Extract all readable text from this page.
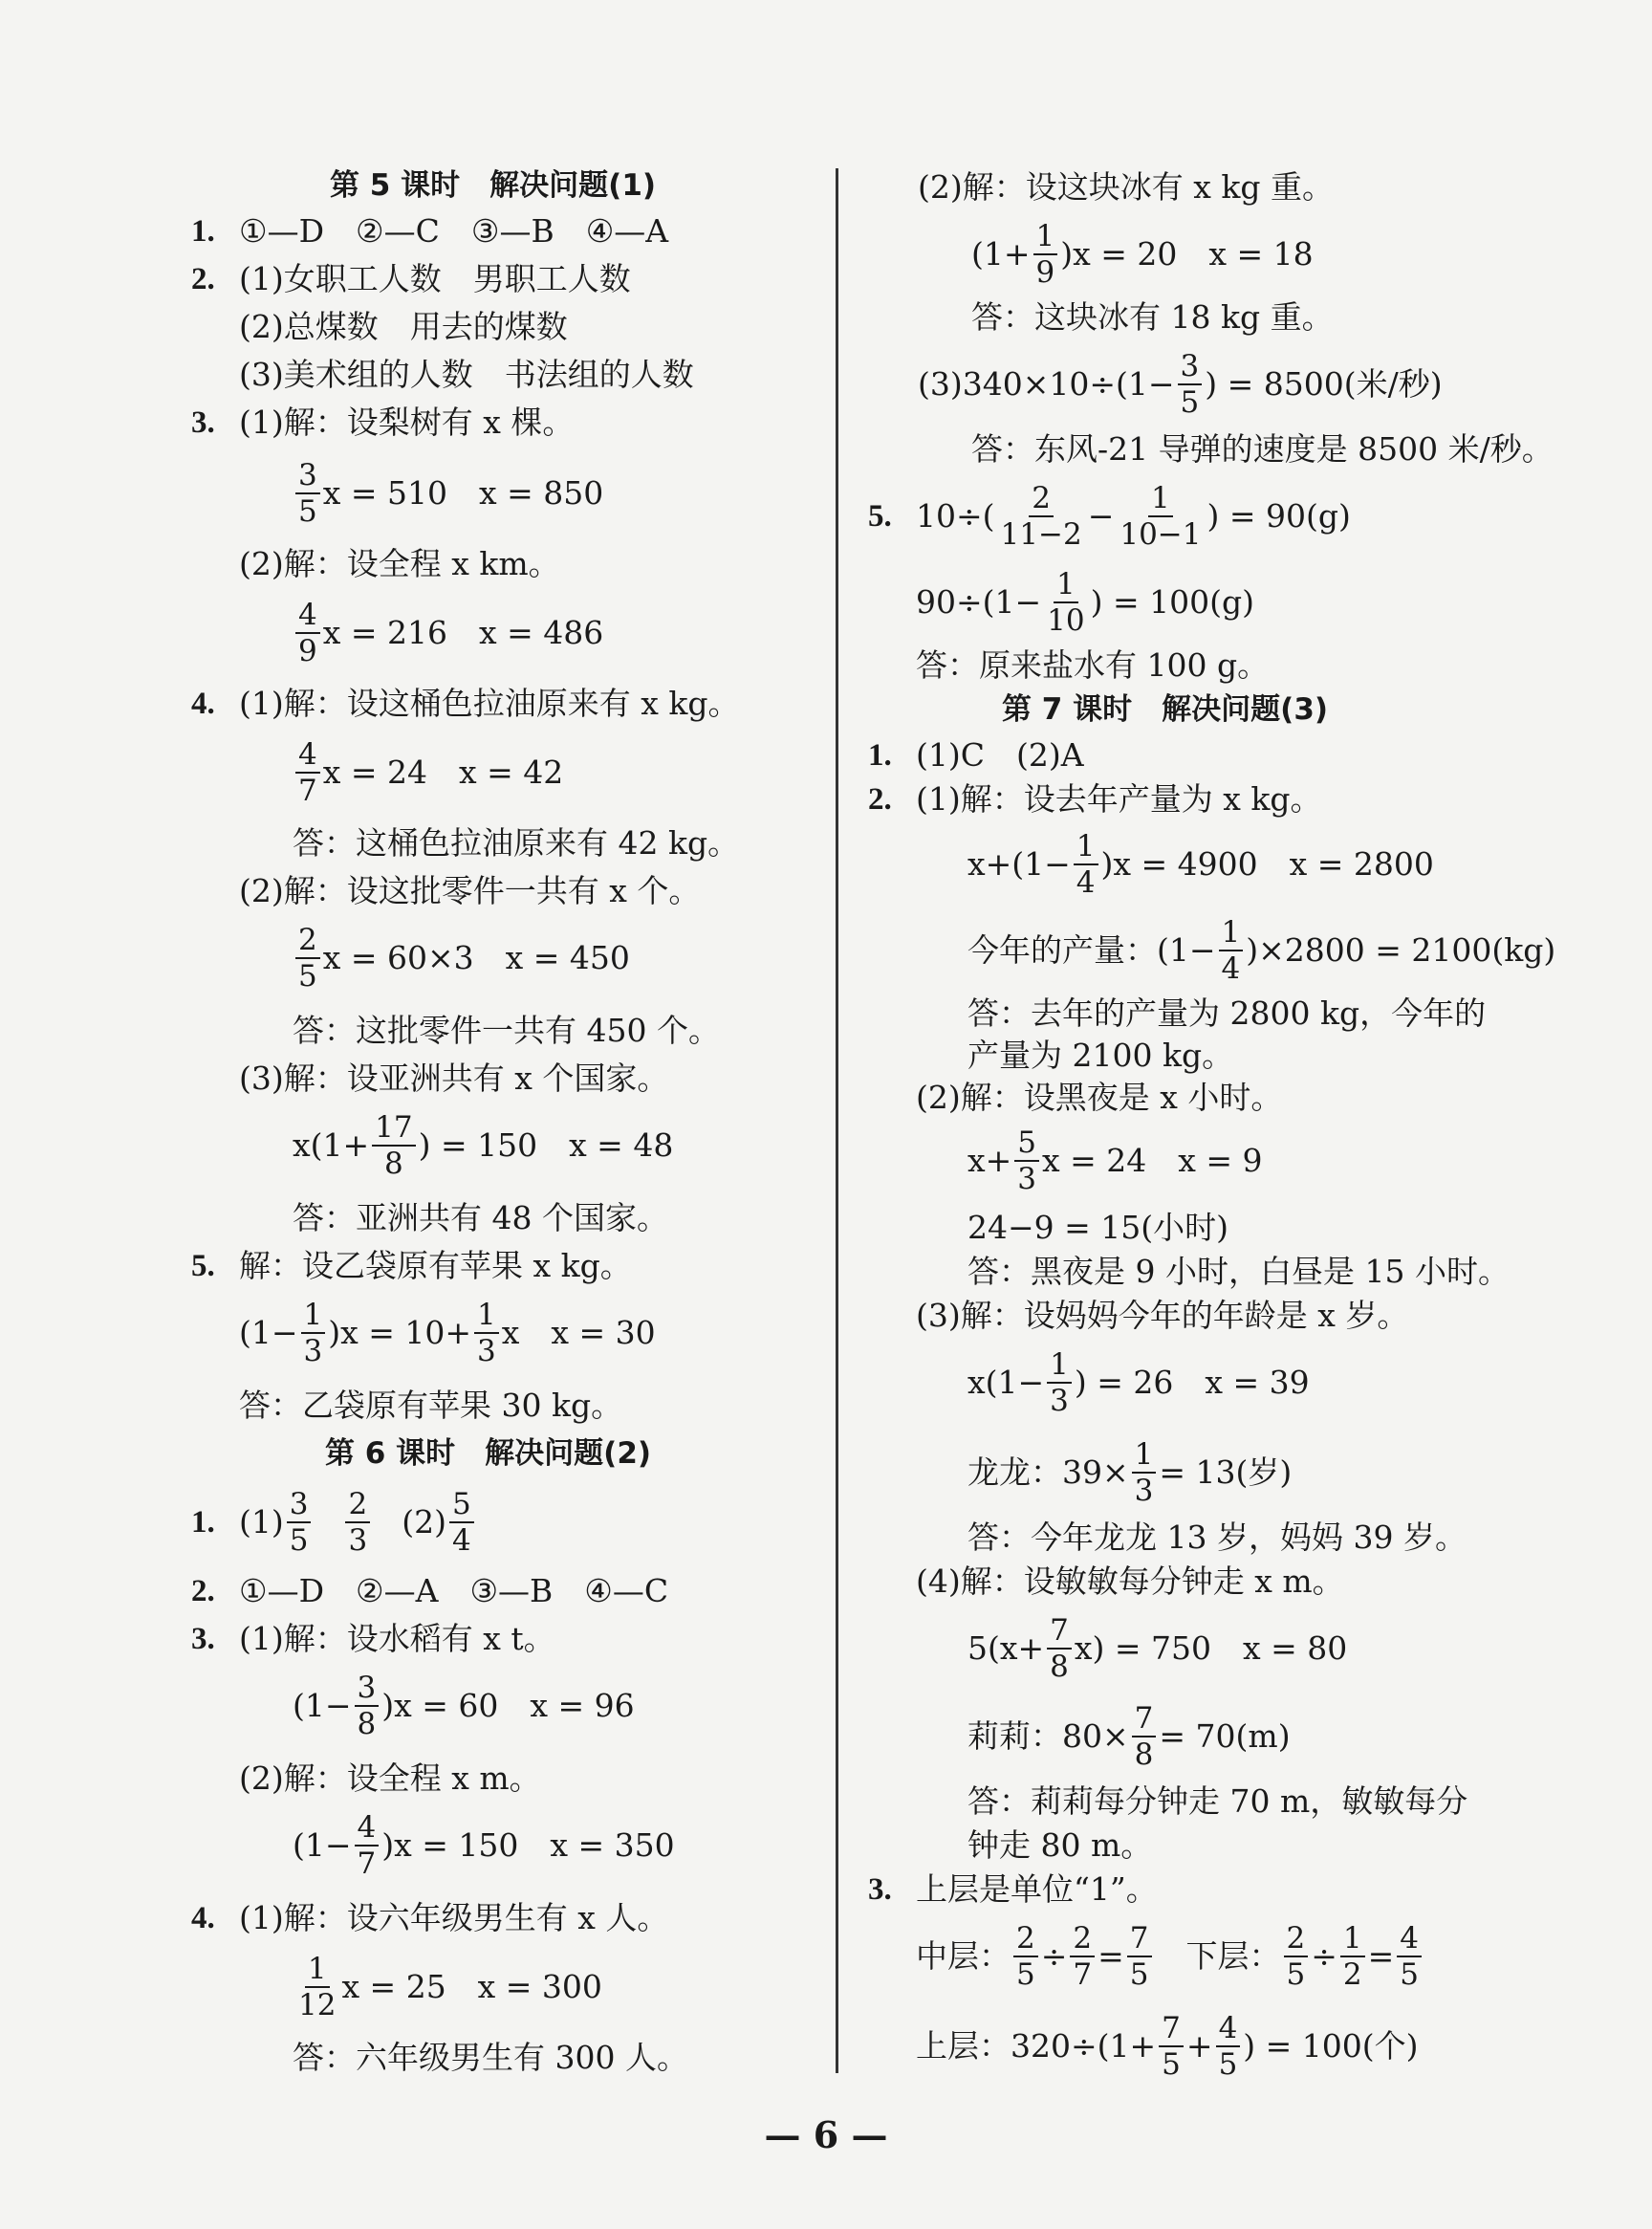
第 5 课时　解决问题(1)
1. ①—D　②—C　③—B　④—A
2. (1)女职工人数　男职工人数
(2)总煤数　用去的煤数
(3)美术组的人数　书法组的人数
3. (1)解：设梨树有 x 棵。
$\frac{3}{5}$ x = 510　x = 850
(2)解：设全程 x km。
$\frac{4}{9}$ x = 216　x = 486
4. (1)解：设这桶色拉油原来有 x kg。
$\frac{4}{7}$ x = 24　x = 42
答：这桶色拉油原来有 42 kg。
(2)解：设这批零件一共有 x 个。
$\frac{2}{5}$ x = 60×3　x = 450
答：这批零件一共有 450 个。
(3)解：设亚洲共有 x 个国家。
$x(1+ \frac{17}{8}$ ) = 150　x = 48
答：亚洲共有 48 个国家。
5. 解：设乙袋原有苹果 x kg。
$(1- \frac{1}{3} )x = 10+ \frac{1}{3}$ x　x = 30
答：乙袋原有苹果 30 kg。
第 6 课时　解决问题(2)
1. $(1) \frac{3}{5} \frac{2}{3} (2) \frac{5}{4}$
2. ①—D　②—A　③—B　④—C
3. (1)解：设水稻有 x t。
$(1- \frac{3}{8} )x = 60$　x = 96
(2)解：设全程 x m。
$(1- \frac{4}{7} )x = 150$　x = 350
4. (1)解：设六年级男生有 x 人。
$\frac{1}{12}$ x = 25　x = 300
答：六年级男生有 300 人。
(2)解：设这块冰有 x kg 重。
$(1+ \frac{1}{9} )x = 20$　x = 18
答：这块冰有 18 kg 重。
$(3)340\times 10\div(1- \frac{3}{5}$ ) = 8500(米/秒)
答：东风-21 导弹的速度是 8500 米/秒。
5. $10\div( \frac{2}{11-2} - \frac{1}{10-1}$ ) = 90(g)
$90\div(1- \frac{1}{10}$ ) = 100(g)
答：原来盐水有 100 g。
第 7 课时　解决问题(3)
1. (1)C　(2)A
2. (1)解：设去年产量为 x kg。
$x+(1- \frac{1}{4} )x = 4900$　x = 2800
今年的产量：$(1- \frac{1}{4} )\times 2800 = 2100(kg)$
答：去年的产量为 2800 kg，今年的
产量为 2100 kg。
(2)解：设黑夜是 x 小时。
$x+ \frac{5}{3}$ x = 24　x = 9
24−9 = 15(小时)
答：黑夜是 9 小时，白昼是 15 小时。
(3)解：设妈妈今年的年龄是 x 岁。
$x(1- \frac{1}{3}$ ) = 26　x = 39
龙龙：$39\times \frac{1}{3} = 13$(岁)
答：今年龙龙 13 岁，妈妈 39 岁。
(4)解：设敏敏每分钟走 x m。
$5(x+ \frac{7}{8} x) = 750$　x = 80
莉莉：$80\times \frac{7}{8} = 70(m)$
答：莉莉每分钟走 70 m，敏敏每分
钟走 80 m。
3. 上层是单位“1”。
中层： $\frac{2}{5} \div \frac{2}{7} = \frac{7}{5}$ 　下层： $\frac{2}{5} \div \frac{1}{2} = \frac{4}{5}$
上层：$320\div(1+ \frac{7}{5} + \frac{4}{5}$ ) = 100(个)
— 6 —
